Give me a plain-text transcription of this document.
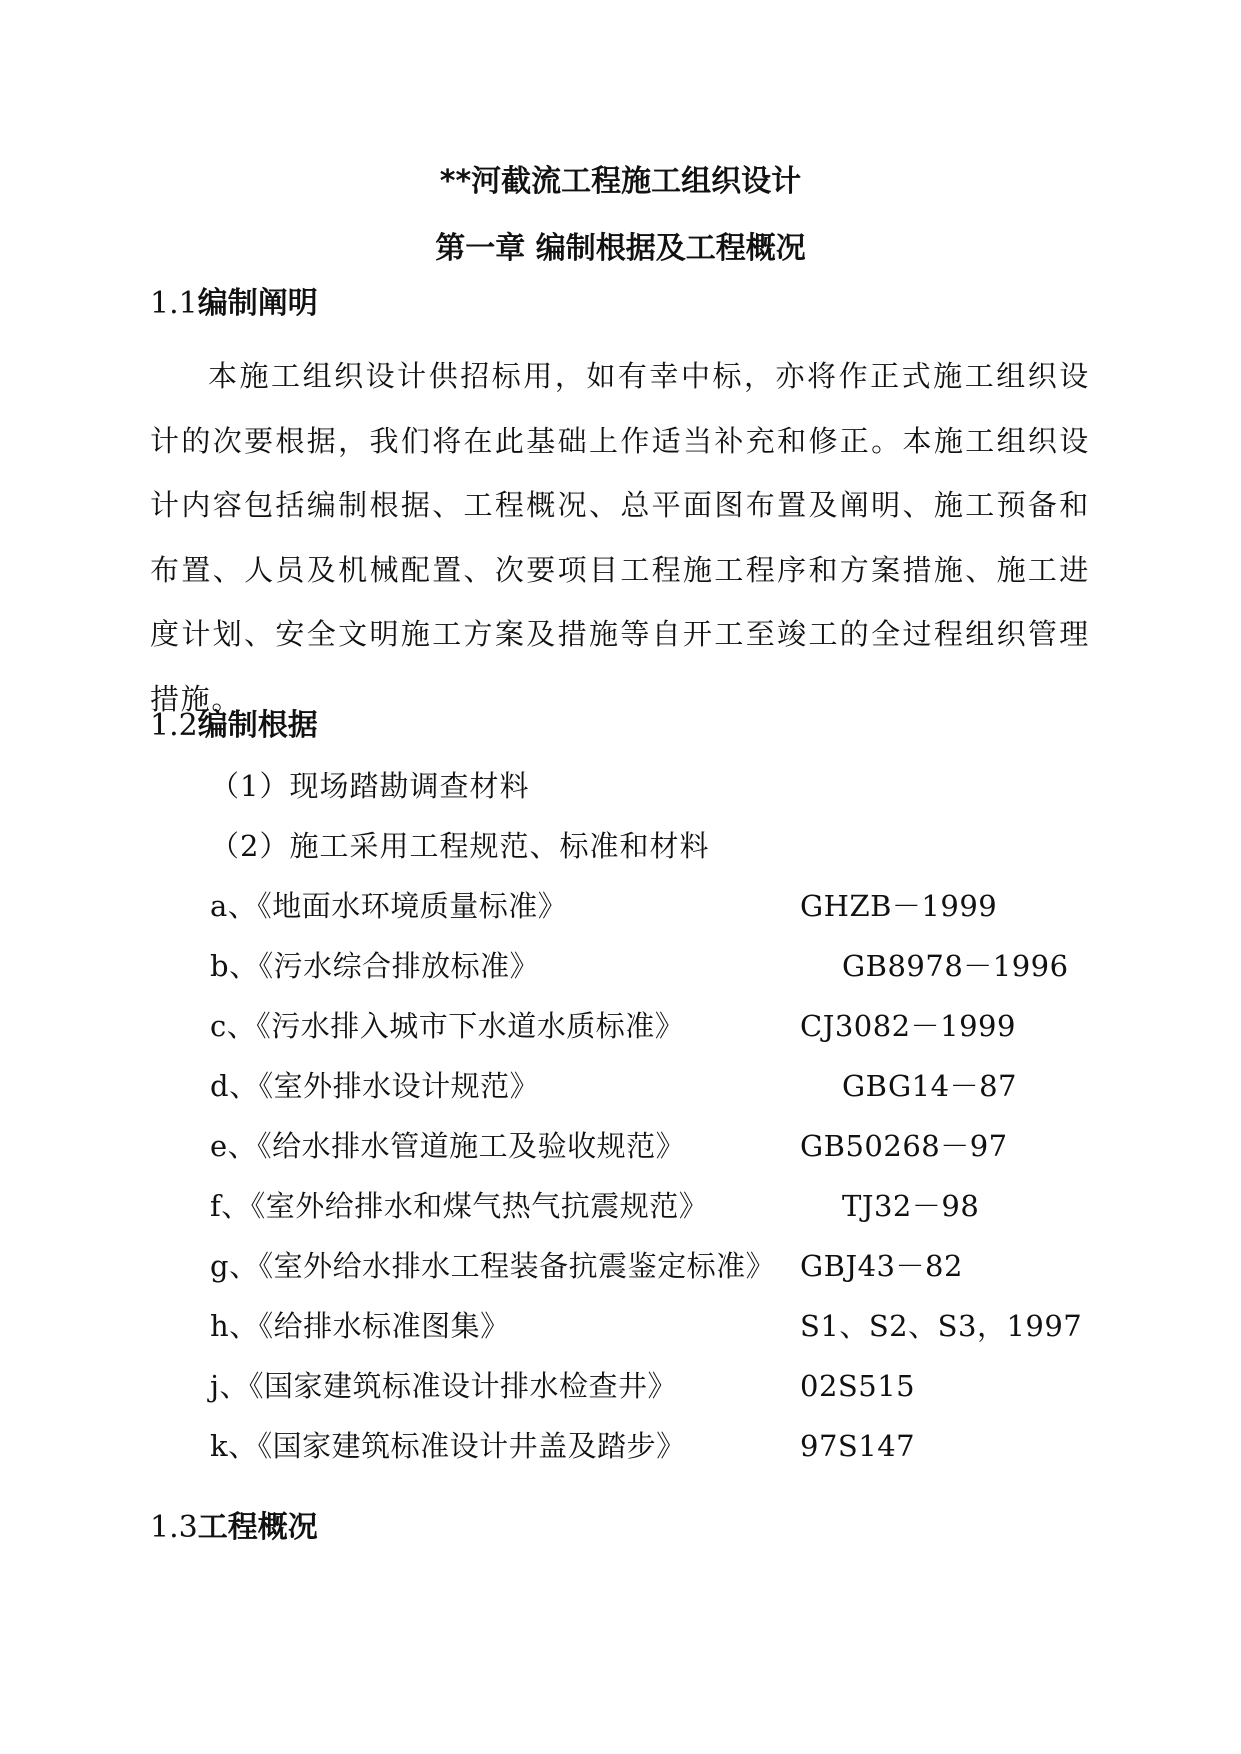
**河截流工程施工组织设计
第一章 编制根据及工程概况
1.1编制阐明
本施工组织设计供招标用，如有幸中标，亦将作正式施工组织设计的次要根据，我们将在此基础上作适当补充和修正。本施工组织设计内容包括编制根据、工程概况、总平面图布置及阐明、施工预备和布置、人员及机械配置、次要项目工程施工程序和方案措施、施工进度计划、安全文明施工方案及措施等自开工至竣工的全过程组织管理措施。
1.2编制根据
（1）现场踏勘调查材料
（2）施工采用工程规范、标准和材料
a、《地面水环境质量标准》	GHZB－1999
b、《污水综合排放标准》	GB8978－1996
c、《污水排入城市下水道水质标准》	CJ3082－1999
d、《室外排水设计规范》	GBG14－87
e、《给水排水管道施工及验收规范》	GB50268－97
f、《室外给排水和煤气热气抗震规范》	TJ32－98
g、《室外给水排水工程装备抗震鉴定标准》 GBJ43－82
h、《给排水标准图集》	S1、S2、S3，1997
j、《国家建筑标准设计排水检查井》	02S515
k、《国家建筑标准设计井盖及踏步》	97S147
1.3工程概况
